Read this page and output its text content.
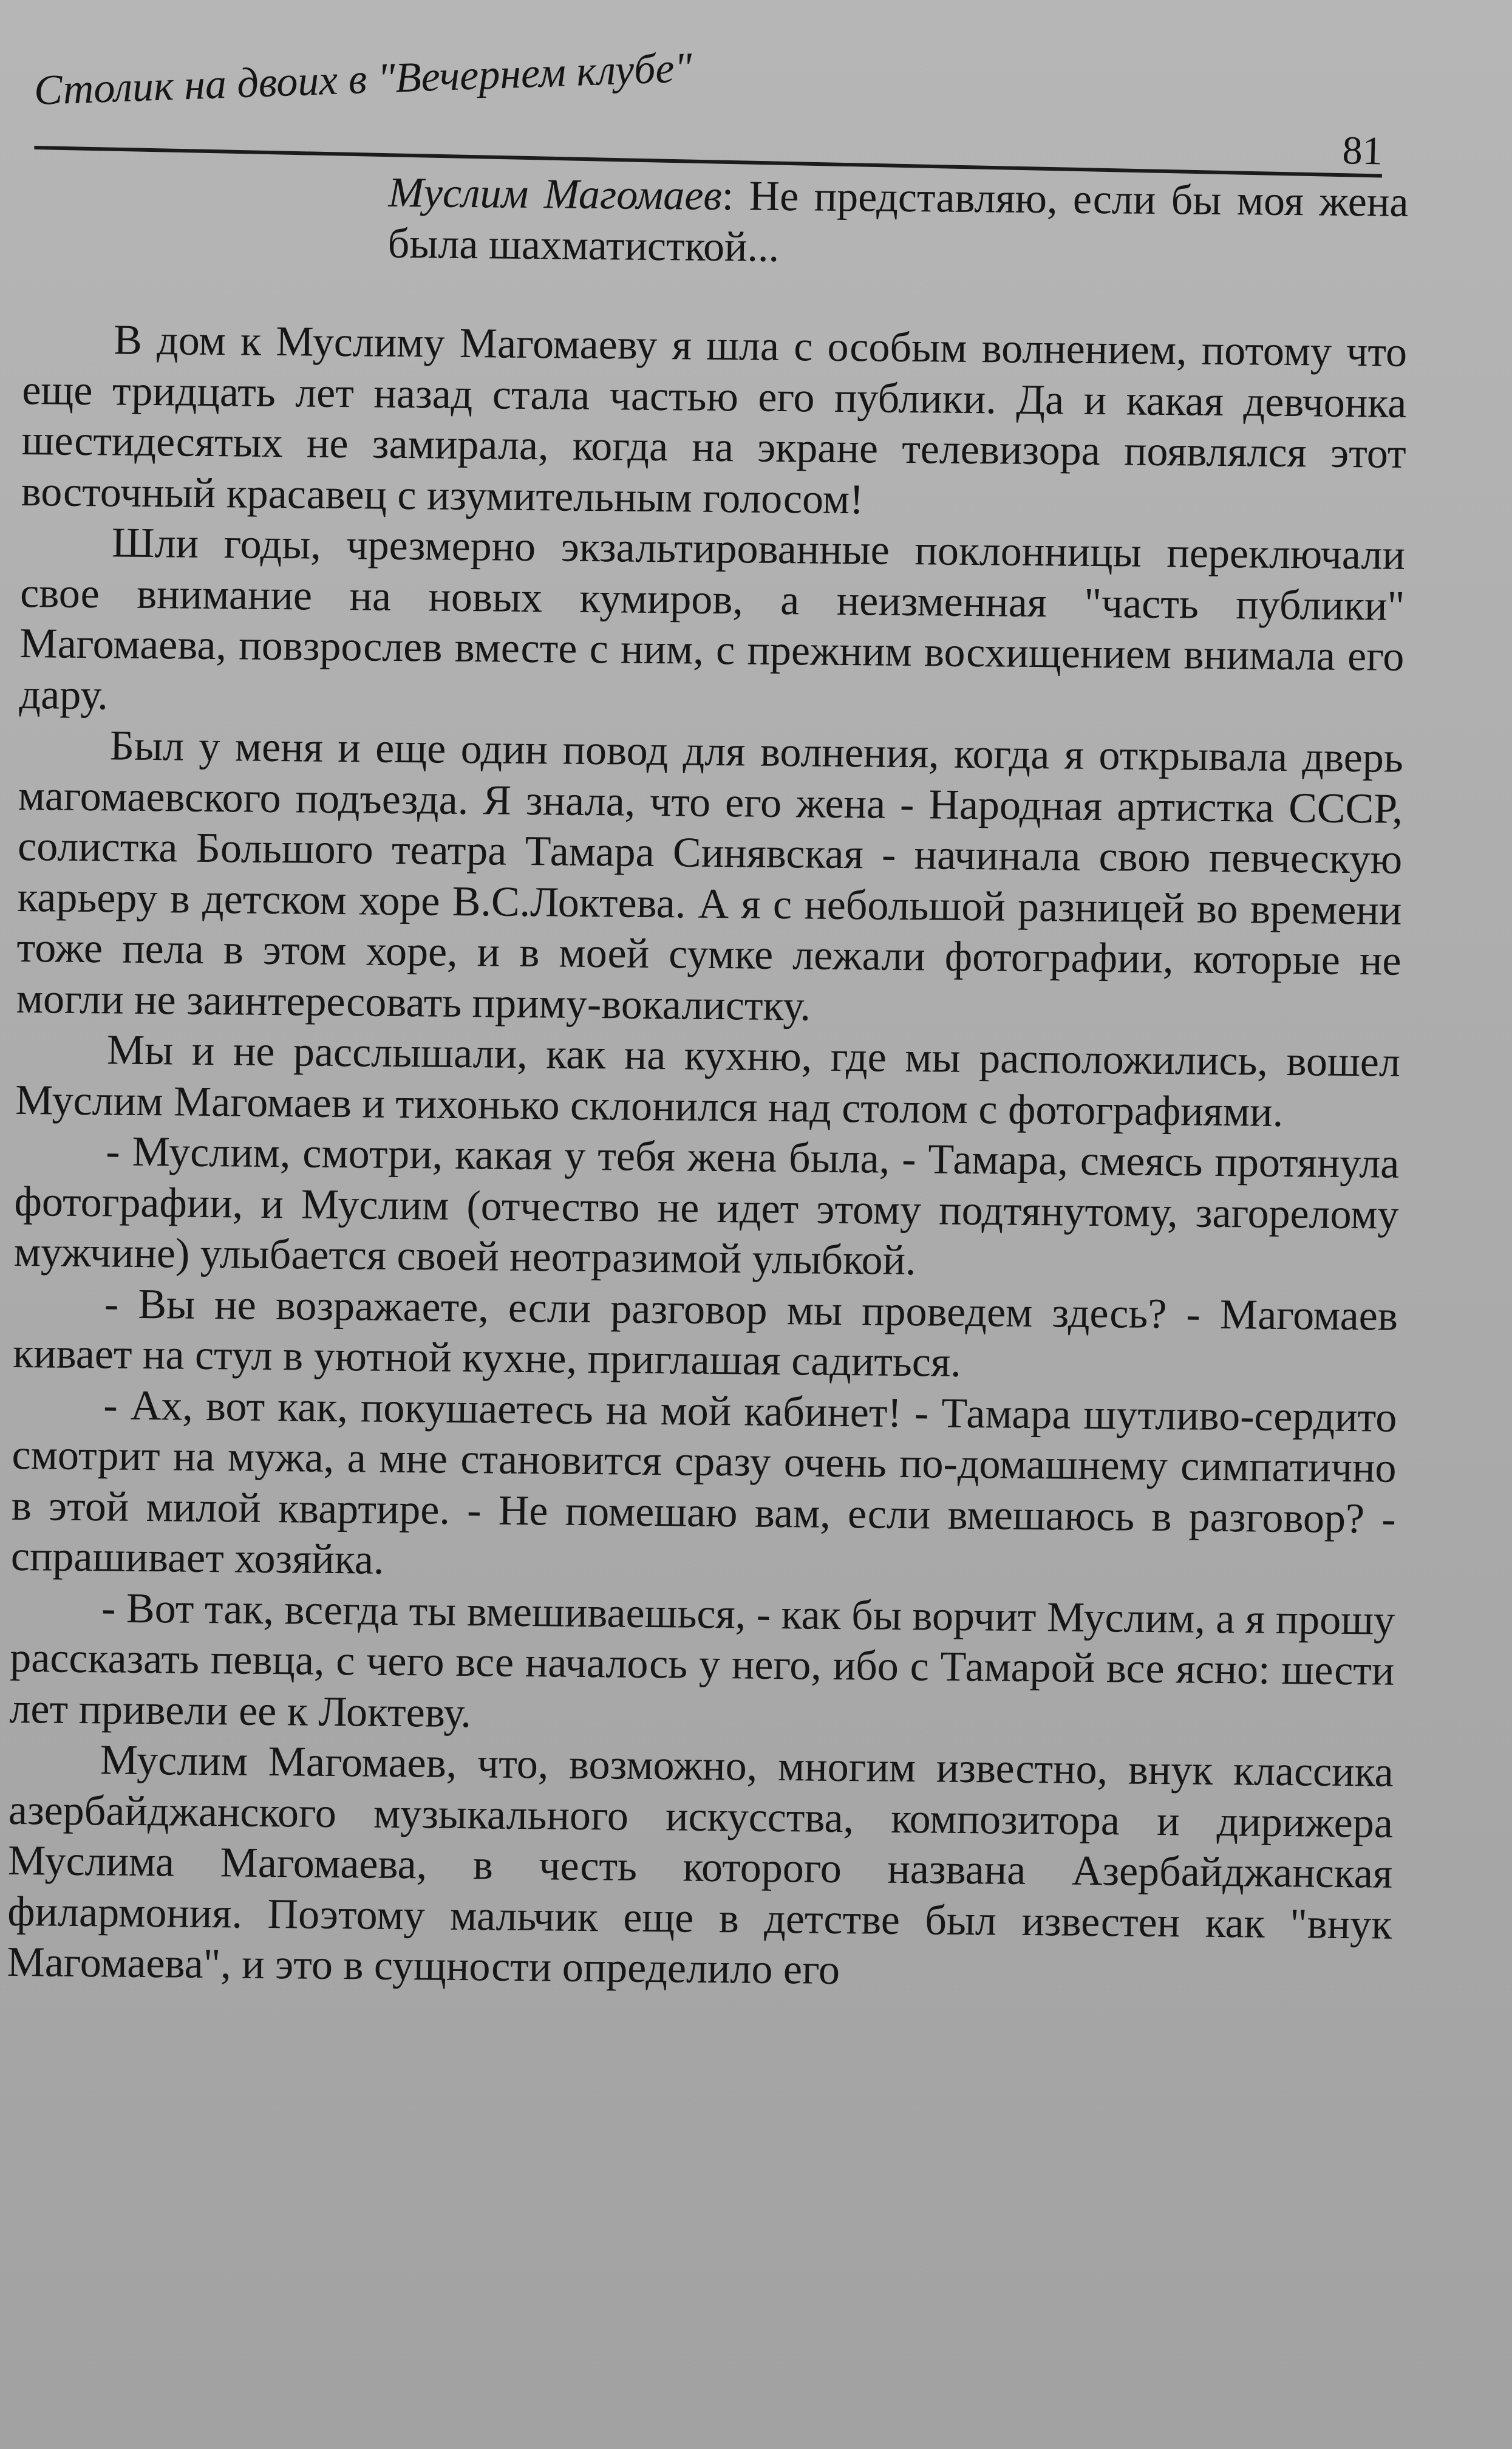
Столик на двоих в "Вечернем клубе"
81

Муслим Магомаев: Не представляю, если бы моя жена была шахматисткой...

В дом к Муслиму Магомаеву я шла с особым волнением, потому что еще тридцать лет назад стала частью его публики. Да и какая девчонка шестидесятых не замирала, когда на экране телевизора появлялся этот восточный красавец с изумительным голосом!

Шли годы, чрезмерно экзальтированные поклонницы переключали свое внимание на новых кумиров, а неизменная "часть публики" Магомаева, повзрослев вместе с ним, с прежним восхищением внимала его дару.

Был у меня и еще один повод для волнения, когда я открывала дверь магомаевского подъезда. Я знала, что его жена - Народная артистка СССР, солистка Большого театра Тамара Синявская - начинала свою певческую карьеру в детском хоре В.С.Локтева. А я с небольшой разницей во времени тоже пела в этом хоре, и в моей сумке лежали фотографии, которые не могли не заинтересовать приму-вокалистку.

Мы и не расслышали, как на кухню, где мы расположились, вошел Муслим Магомаев и тихонько склонился над столом с фотографиями.

- Муслим, смотри, какая у тебя жена была, - Тамара, смеясь протянула фотографии, и Муслим (отчество не идет этому подтянутому, загорелому мужчине) улыбается своей неотразимой улыбкой.

- Вы не возражаете, если разговор мы проведем здесь? - Магомаев кивает на стул в уютной кухне, приглашая садиться.

- Ах, вот как, покушаетесь на мой кабинет! - Тамара шутливо-сердито смотрит на мужа, а мне становится сразу очень по-домашнему симпатично в этой милой квартире. - Не помешаю вам, если вмешаюсь в разговор? - спрашивает хозяйка.

- Вот так, всегда ты вмешиваешься, - как бы ворчит Муслим, а я прошу рассказать певца, с чего все началось у него, ибо с Тамарой все ясно: шести лет привели ее к Локтеву.

Муслим Магомаев, что, возможно, многим известно, внук классика азербайджанского музыкального искусства, композитора и дирижера Муслима Магомаева, в честь которого названа Азербайджанская филармония. Поэтому мальчик еще в детстве был известен как "внук Магомаева", и это в сущности определило его
